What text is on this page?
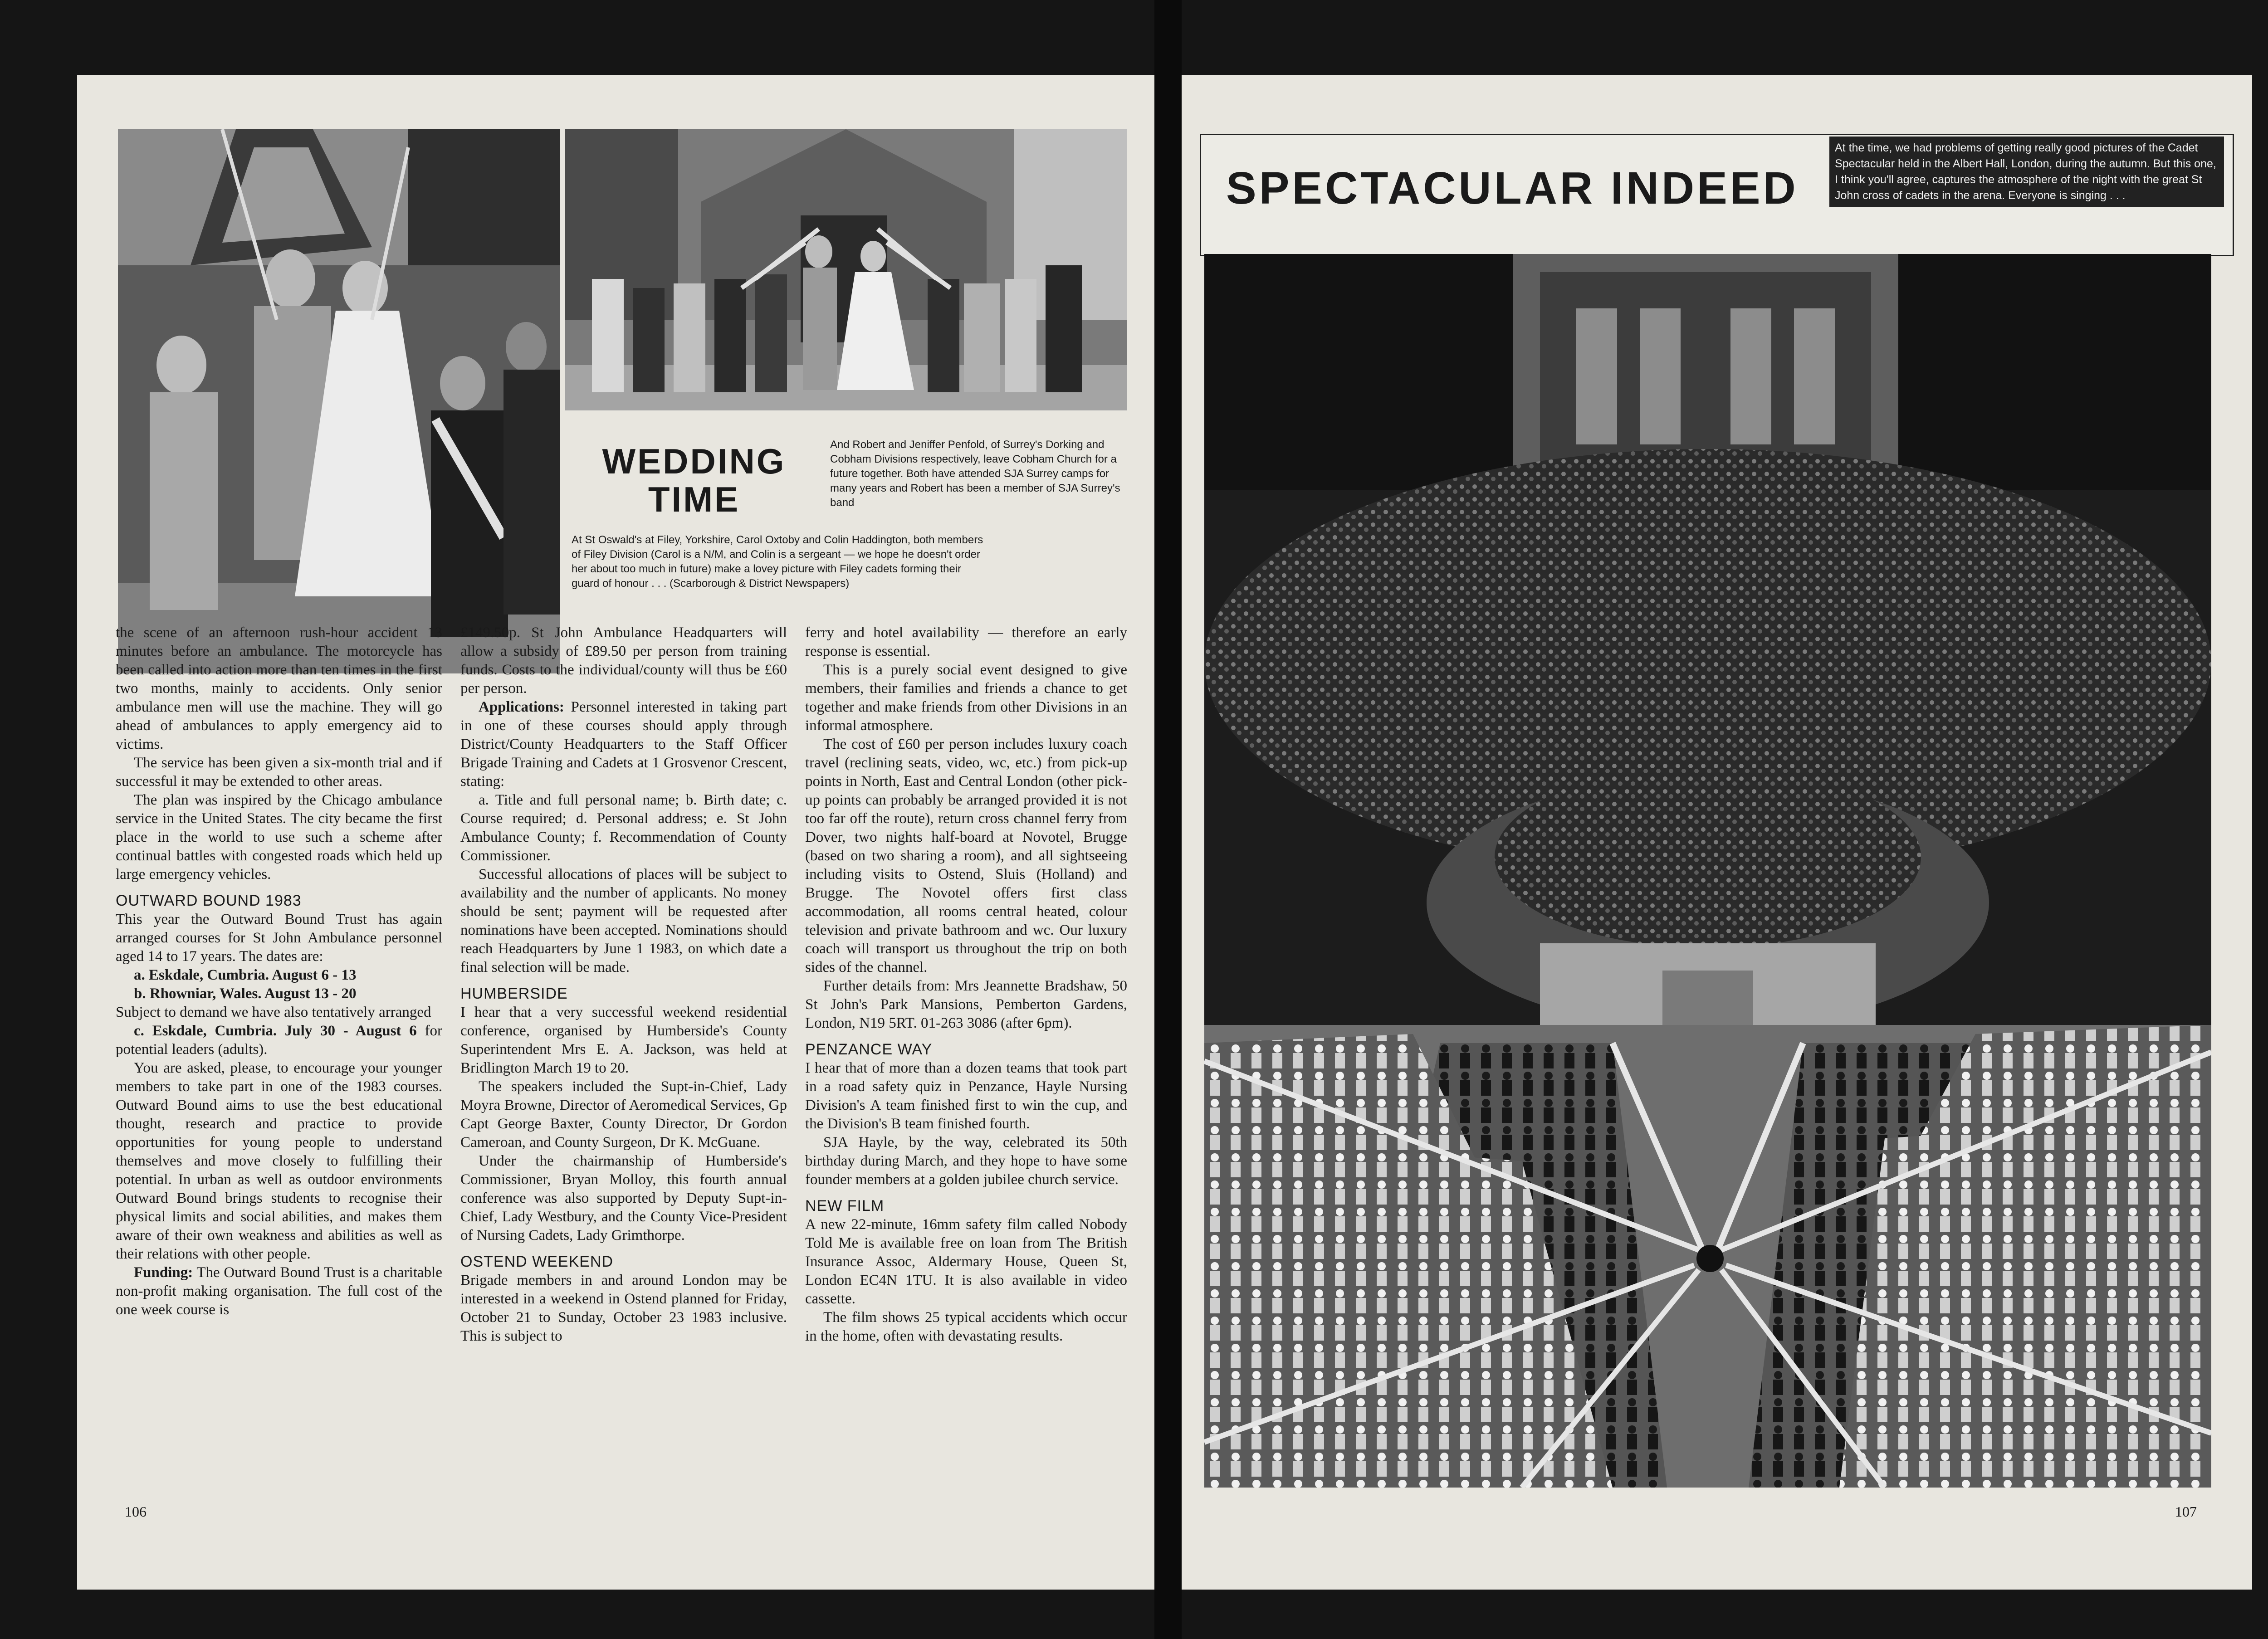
WEDDING
TIME
And Robert and Jeniffer Penfold, of Surrey's Dorking and Cobham Divisions respectively, leave Cobham Church for a future together. Both have attended SJA Surrey camps for many years and Robert has been a member of SJA Surrey's band
At St Oswald's at Filey, Yorkshire, Carol Oxtoby and Colin Haddington, both members of Filey Division (Carol is a N/M, and Colin is a sergeant — we hope he doesn't order her about too much in future) make a lovey picture with Filey cadets forming their guard of honour . . . (Scarborough & District Newspapers)

the scene of an afternoon rush-hour accident 13 minutes before an ambulance. The motorcycle has been called into action more than ten times in the first two months, mainly to accidents. Only senior ambulance men will use the machine. They will go ahead of ambulances to apply emergency aid to victims.

The service has been given a six-month trial and if successful it may be extended to other areas.

The plan was inspired by the Chicago ambulance service in the United States. The city became the first place in the world to use such a scheme after continual battles with congested roads which held up large emergency vehicles.

OUTWARD BOUND 1983

This year the Outward Bound Trust has again arranged courses for St John Ambulance personnel aged 14 to 17 years. The dates are:

a. Eskdale, Cumbria. August 6 - 13

b. Rhowniar, Wales. August 13 - 20

Subject to demand we have also tentatively arranged

c. Eskdale, Cumbria. July 30 - August 6 for potential leaders (adults).

You are asked, please, to encourage your younger members to take part in one of the 1983 courses. Outward Bound aims to use the best educational thought, research and practice to provide opportunities for young people to understand themselves and move closely to fulfilling their potential. In urban as well as outdoor environments Outward Bound brings students to recognise their physical limits and social abilities, and makes them aware of their own weakness and abilities as well as their relations with other people.

Funding: The Outward Bound Trust is a charitable non-profit making organisation. The full cost of the one week course is

£149.50p. St John Ambulance Headquarters will allow a subsidy of £89.50 per person from training funds. Costs to the individual/county will thus be £60 per person.

Applications: Personnel interested in taking part in one of these courses should apply through District/County Headquarters to the Staff Officer Brigade Training and Cadets at 1 Grosvenor Crescent, stating:

a. Title and full personal name; b. Birth date; c. Course required; d. Personal address; e. St John Ambulance County; f. Recommendation of County Commissioner.

Successful allocations of places will be subject to availability and the number of applicants. No money should be sent; payment will be requested after nominations have been accepted. Nominations should reach Headquarters by June 1 1983, on which date a final selection will be made.

HUMBERSIDE

I hear that a very successful weekend residential conference, organised by Humberside's County Superintendent Mrs E. A. Jackson, was held at Bridlington March 19 to 20.

The speakers included the Supt-in-Chief, Lady Moyra Browne, Director of Aeromedical Services, Gp Capt George Baxter, County Director, Dr Gordon Cameroan, and County Surgeon, Dr K. McGuane.

Under the chairmanship of Humberside's Commissioner, Bryan Molloy, this fourth annual conference was also supported by Deputy Supt-in-Chief, Lady Westbury, and the County Vice-President of Nursing Cadets, Lady Grimthorpe.

OSTEND WEEKEND

Brigade members in and around London may be interested in a weekend in Ostend planned for Friday, October 21 to Sunday, October 23 1983 inclusive. This is subject to

ferry and hotel availability — therefore an early response is essential.

This is a purely social event designed to give members, their families and friends a chance to get together and make friends from other Divisions in an informal atmosphere.

The cost of £60 per person includes luxury coach travel (reclining seats, video, wc, etc.) from pick-up points in North, East and Central London (other pick-up points can probably be arranged provided it is not too far off the route), return cross channel ferry from Dover, two nights half-board at Novotel, Brugge (based on two sharing a room), and all sightseeing including visits to Ostend, Sluis (Holland) and Brugge. The Novotel offers first class accommodation, all rooms central heated, colour television and private bathroom and wc. Our luxury coach will transport us throughout the trip on both sides of the channel.

Further details from: Mrs Jeannette Bradshaw, 50 St John's Park Mansions, Pemberton Gardens, London, N19 5RT. 01-263 3086 (after 6pm).

PENZANCE WAY

I hear that of more than a dozen teams that took part in a road safety quiz in Penzance, Hayle Nursing Division's A team finished first to win the cup, and the Division's B team finished fourth.

SJA Hayle, by the way, celebrated its 50th birthday during March, and they hope to have some founder members at a golden jubilee church service.

NEW FILM

A new 22-minute, 16mm safety film called Nobody Told Me is available free on loan from The British Insurance Assoc, Aldermary House, Queen St, London EC4N 1TU. It is also available in video cassette.

The film shows 25 typical accidents which occur in the home, often with devastating results.

106
SPECTACULAR INDEED
At the time, we had problems of getting really good pictures of the Cadet Spectacular held in the Albert Hall, London, during the autumn. But this one, I think you'll agree, captures the atmosphere of the night with the great St John cross of cadets in the arena. Everyone is singing . . .
107
